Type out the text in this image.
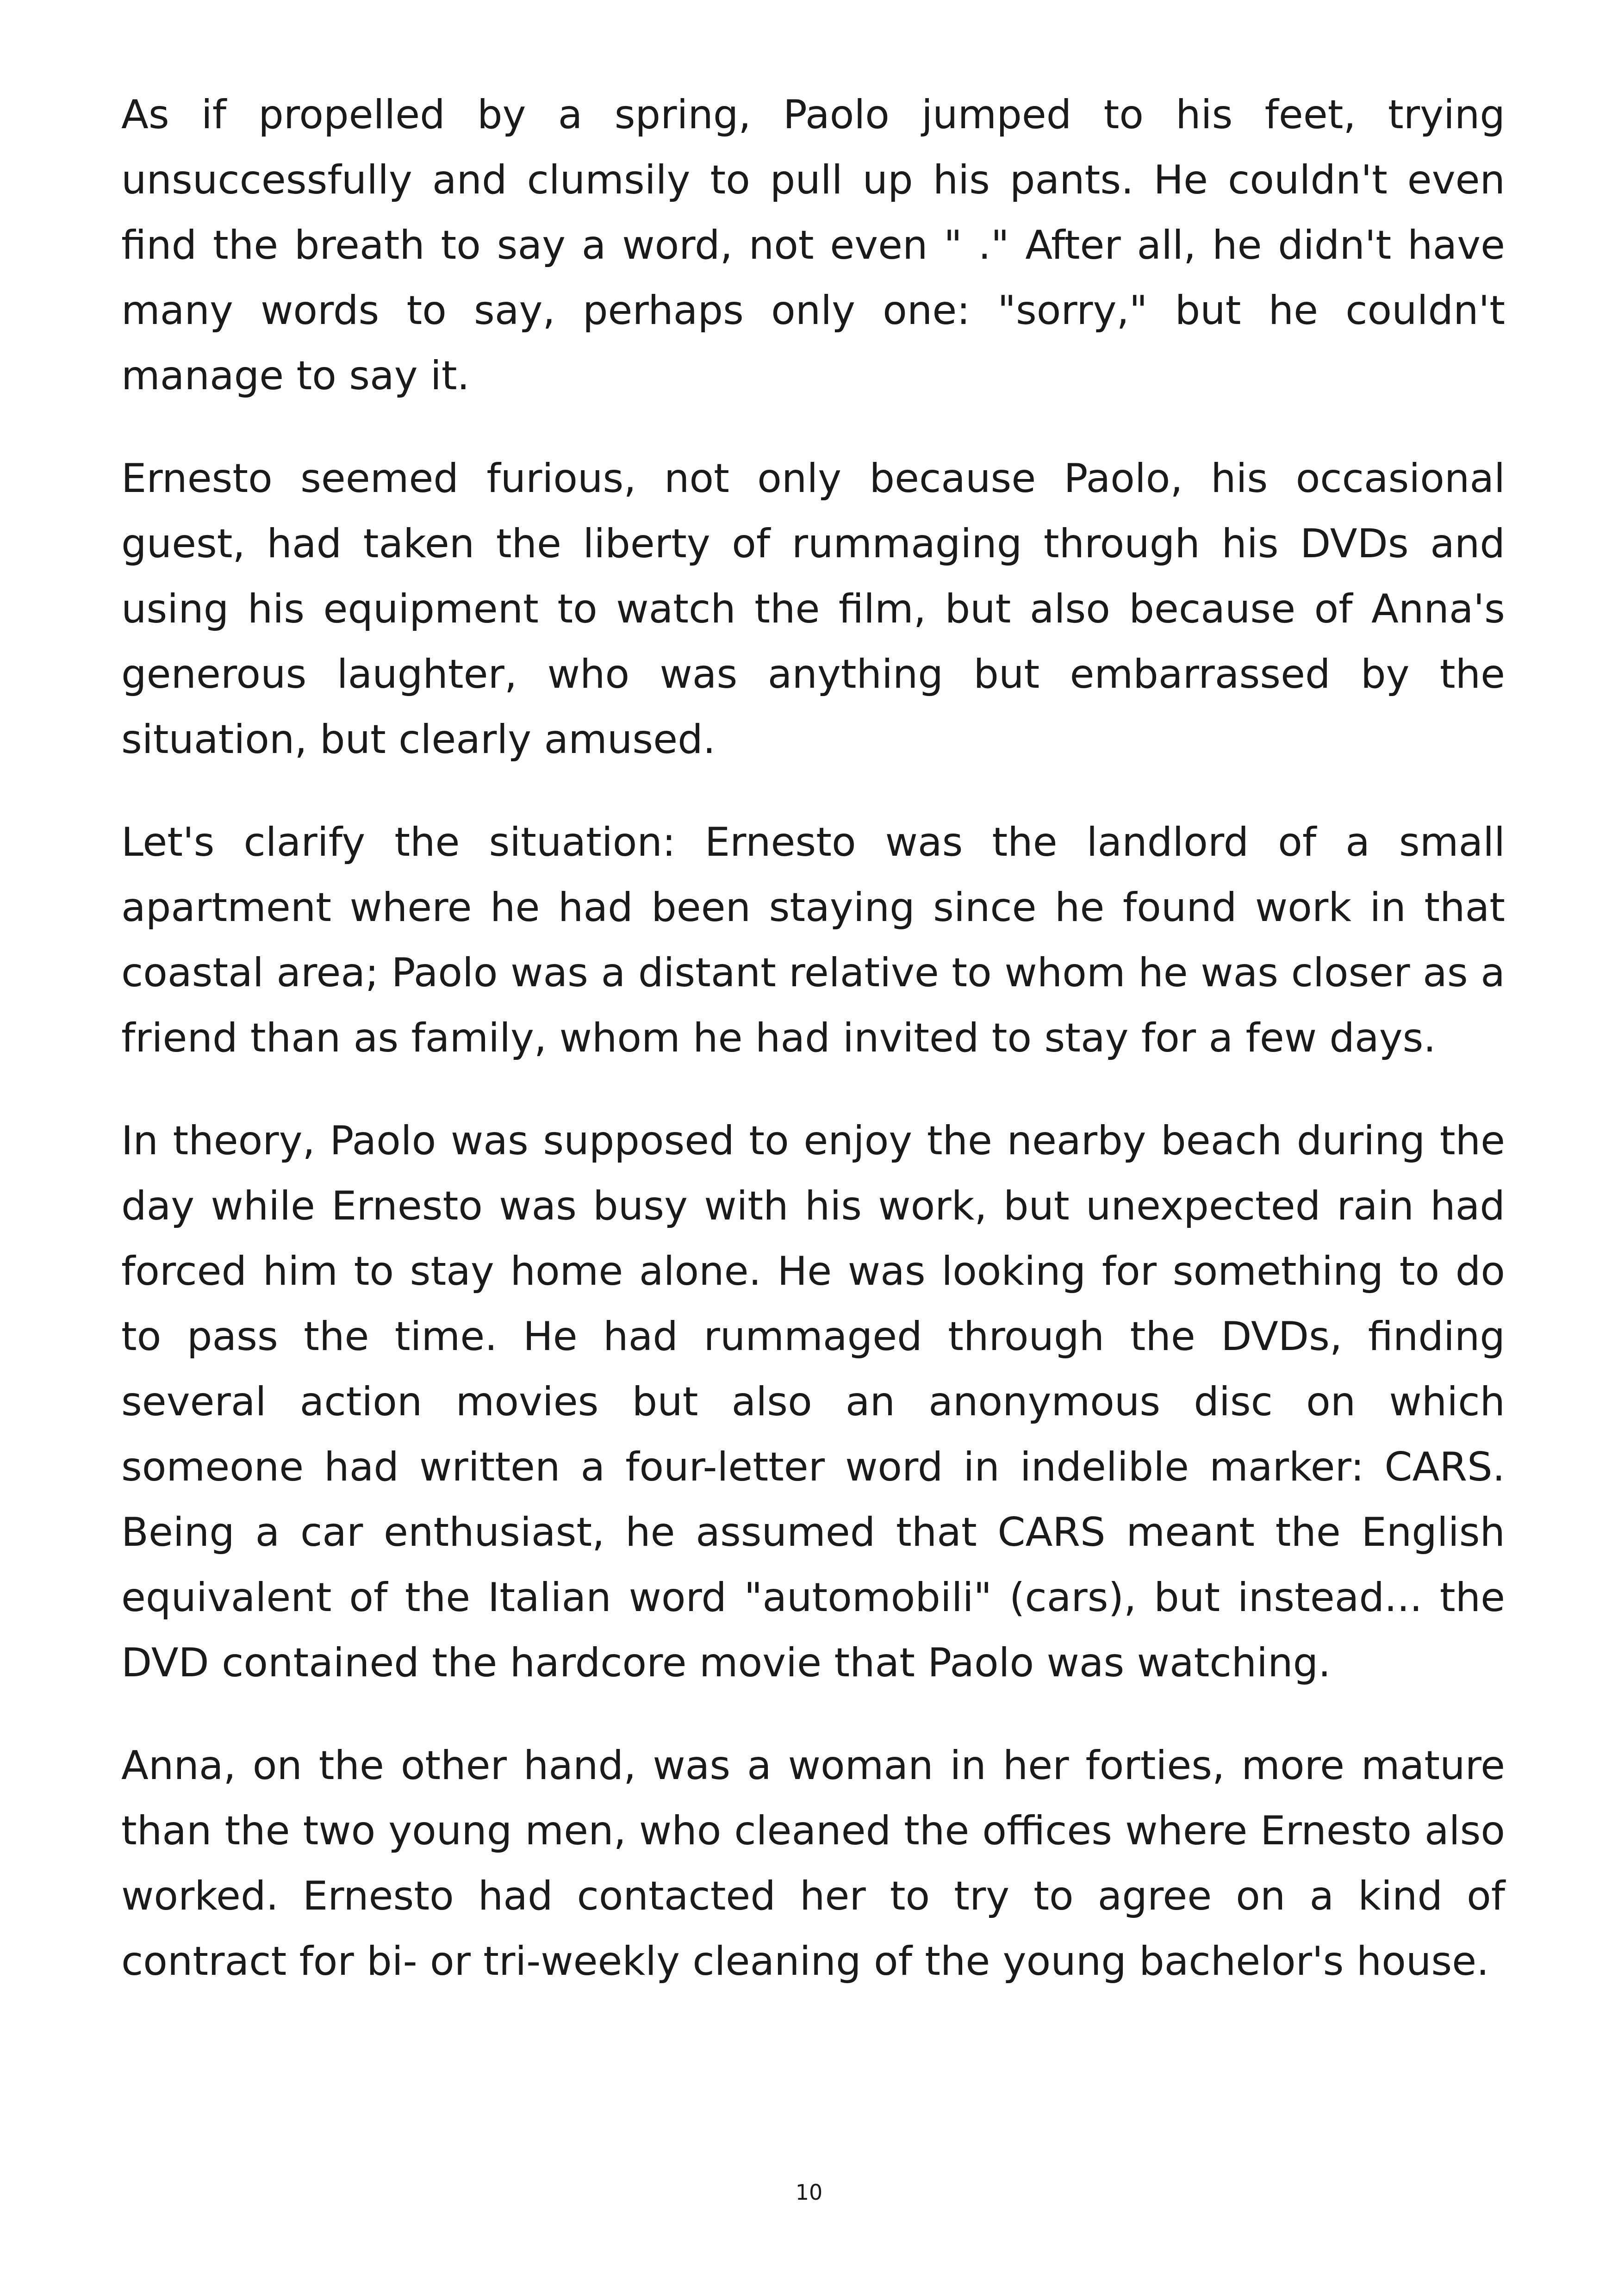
As if propelled by a spring, Paolo jumped to his feet, trying unsuccessfully and clumsily to pull up his pants. He couldn't even find the breath to say a word, not even " ." After all, he didn't have many words to say, perhaps only one: "sorry," but he couldn't manage to say it.

Ernesto seemed furious, not only because Paolo, his occasional guest, had taken the liberty of rummaging through his DVDs and using his equipment to watch the film, but also because of Anna's generous laughter, who was anything but embarrassed by the situation, but clearly amused.

Let's clarify the situation: Ernesto was the landlord of a small apartment where he had been staying since he found work in that coastal area; Paolo was a distant relative to whom he was closer as a friend than as family, whom he had invited to stay for a few days.

In theory, Paolo was supposed to enjoy the nearby beach during the day while Ernesto was busy with his work, but unexpected rain had forced him to stay home alone. He was looking for something to do to pass the time. He had rummaged through the DVDs, finding several action movies but also an anonymous disc on which someone had written a four-letter word in indelible marker: CARS. Being a car enthusiast, he assumed that CARS meant the English equivalent of the Italian word "automobili" (cars), but instead... the DVD contained the hardcore movie that Paolo was watching.

Anna, on the other hand, was a woman in her forties, more mature than the two young men, who cleaned the offices where Ernesto also worked. Ernesto had contacted her to try to agree on a kind of contract for bi- or tri-weekly cleaning of the young bachelor's house.

10
